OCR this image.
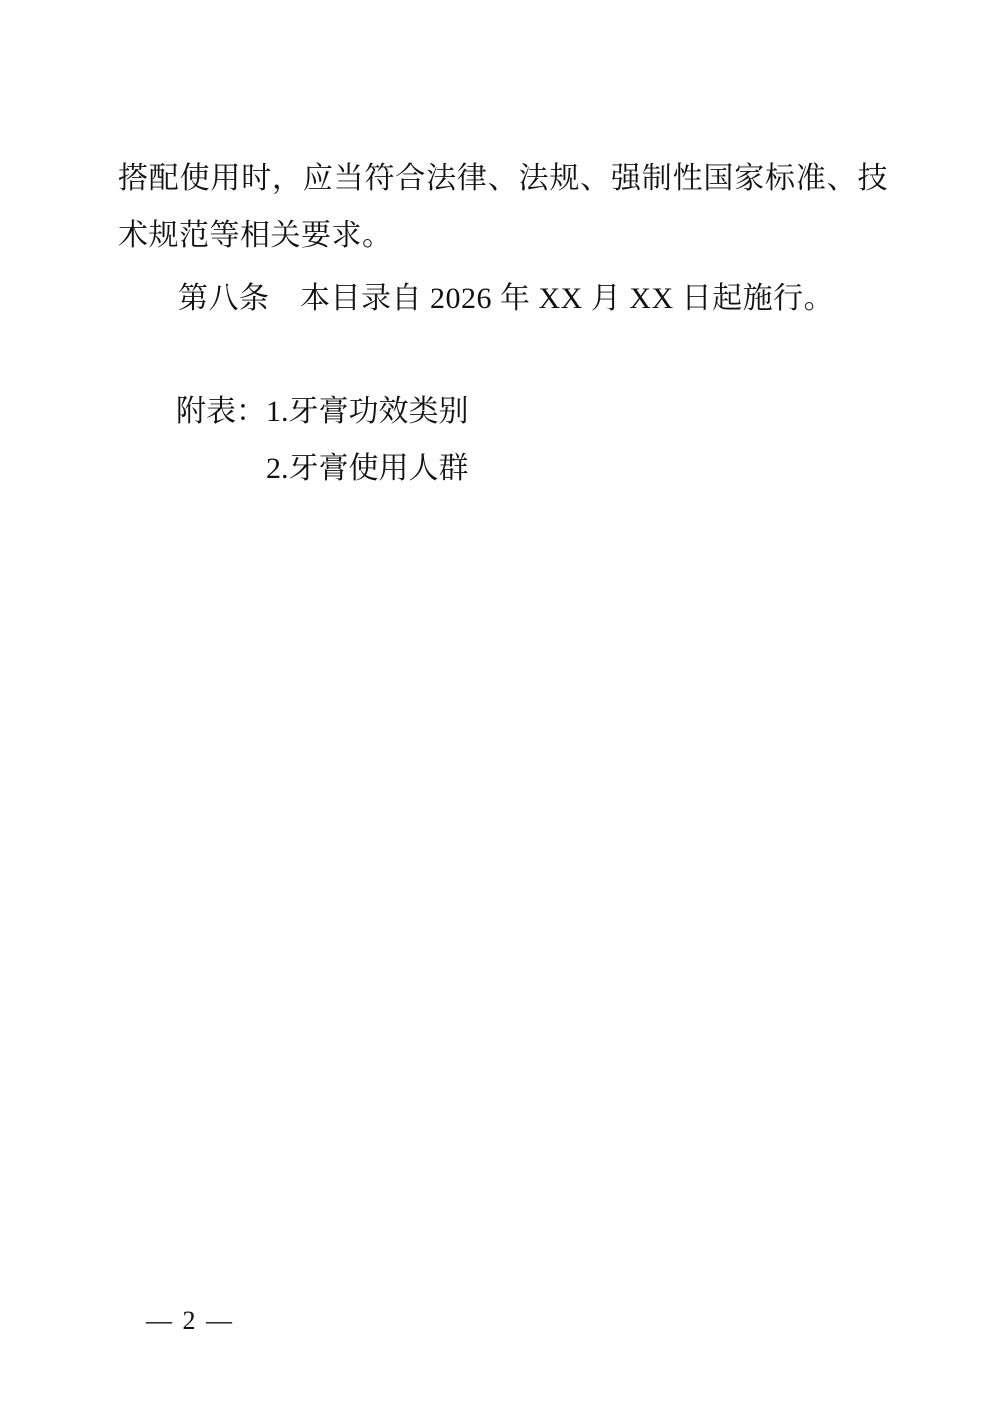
搭配使用时，应当符合法律、法规、强制性国家标准、技术规范等相关要求。

第八条　本目录自 2026 年 XX 月 XX 日起施行。

附表：1.牙膏功效类别

2.牙膏使用人群

— 2 —
